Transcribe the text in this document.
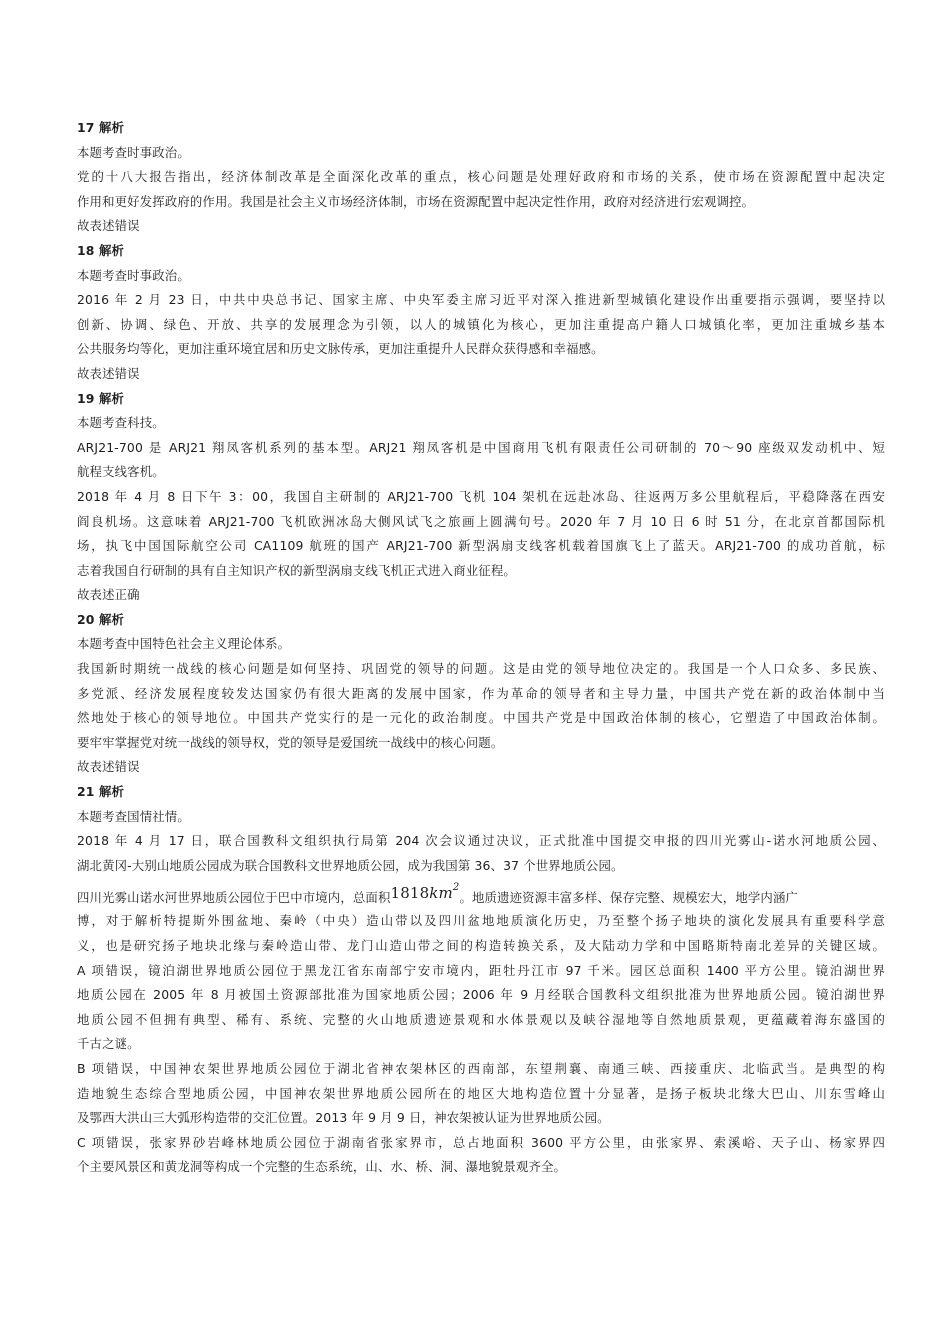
17 解析
本题考查时事政治。
党的十八大报告指出，经济体制改革是全面深化改革的重点，核心问题是处理好政府和市场的关系，使市场在资源配置中起决定
作用和更好发挥政府的作用。我国是社会主义市场经济体制，市场在资源配置中起决定性作用，政府对经济进行宏观调控。
故表述错误
18 解析
本题考查时事政治。
2016 年 2 月 23 日，中共中央总书记、国家主席、中央军委主席习近平对深入推进新型城镇化建设作出重要指示强调，要坚持以
创新、协调、绿色、开放、共享的发展理念为引领，以人的城镇化为核心，更加注重提高户籍人口城镇化率，更加注重城乡基本
公共服务均等化，更加注重环境宜居和历史文脉传承，更加注重提升人民群众获得感和幸福感。
故表述错误
19 解析
本题考查科技。
ARJ21-700 是 ARJ21 翔凤客机系列的基本型。ARJ21 翔凤客机是中国商用飞机有限责任公司研制的 70～90 座级双发动机中、短
航程支线客机。
2018 年 4 月 8 日下午 3：00，我国自主研制的 ARJ21-700 飞机 104 架机在远赴冰岛、往返两万多公里航程后，平稳降落在西安
阎良机场。这意味着 ARJ21-700 飞机欧洲冰岛大侧风试飞之旅画上圆满句号。2020 年 7 月 10 日 6 时 51 分，在北京首都国际机
场，执飞中国国际航空公司 CA1109 航班的国产 ARJ21-700 新型涡扇支线客机载着国旗飞上了蓝天。ARJ21-700 的成功首航，标
志着我国自行研制的具有自主知识产权的新型涡扇支线飞机正式进入商业征程。
故表述正确
20 解析
本题考查中国特色社会主义理论体系。
我国新时期统一战线的核心问题是如何坚持、巩固党的领导的问题。这是由党的领导地位决定的。我国是一个人口众多、多民族、
多党派、经济发展程度较发达国家仍有很大距离的发展中国家，作为革命的领导者和主导力量，中国共产党在新的政治体制中当
然地处于核心的领导地位。中国共产党实行的是一元化的政治制度。中国共产党是中国政治体制的核心，它塑造了中国政治体制。
要牢牢掌握党对统一战线的领导权，党的领导是爱国统一战线中的核心问题。
故表述错误
21 解析
本题考查国情社情。
2018 年 4 月 17 日，联合国教科文组织执行局第 204 次会议通过决议，正式批准中国提交申报的四川光雾山-诺水河地质公园、
湖北黄冈-大别山地质公园成为联合国教科文世界地质公园，成为我国第 36、37 个世界地质公园。
四川光雾山诺水河世界地质公园位于巴中市境内，总面积$1818km^2$。地质遗迹资源丰富多样、保存完整、规模宏大，地学内涵广
博，对于解析特提斯外围盆地、秦岭（中央）造山带以及四川盆地地质演化历史，乃至整个扬子地块的演化发展具有重要科学意
义，也是研究扬子地块北缘与秦岭造山带、龙门山造山带之间的构造转换关系，及大陆动力学和中国略斯特南北差异的关键区域。
A 项错误，镜泊湖世界地质公园位于黑龙江省东南部宁安市境内，距牡丹江市 97 千米。园区总面积 1400 平方公里。镜泊湖世界
地质公园在 2005 年 8 月被国土资源部批准为国家地质公园；2006 年 9 月经联合国教科文组织批准为世界地质公园。镜泊湖世界
地质公园不但拥有典型、稀有、系统、完整的火山地质遗迹景观和水体景观以及峡谷湿地等自然地质景观，更蕴藏着海东盛国的
千古之谜。
B 项错误，中国神农架世界地质公园位于湖北省神农架林区的西南部，东望荆襄、南通三峡、西接重庆、北临武当。是典型的构
造地貌生态综合型地质公园，中国神农架世界地质公园所在的地区大地构造位置十分显著，是扬子板块北缘大巴山、川东雪峰山
及鄂西大洪山三大弧形构造带的交汇位置。2013 年 9 月 9 日，神农架被认证为世界地质公园。
C 项错误，张家界砂岩峰林地质公园位于湖南省张家界市，总占地面积 3600 平方公里，由张家界、索溪峪、天子山、杨家界四
个主要风景区和黄龙洞等构成一个完整的生态系统，山、水、桥、洞、瀑地貌景观齐全。
